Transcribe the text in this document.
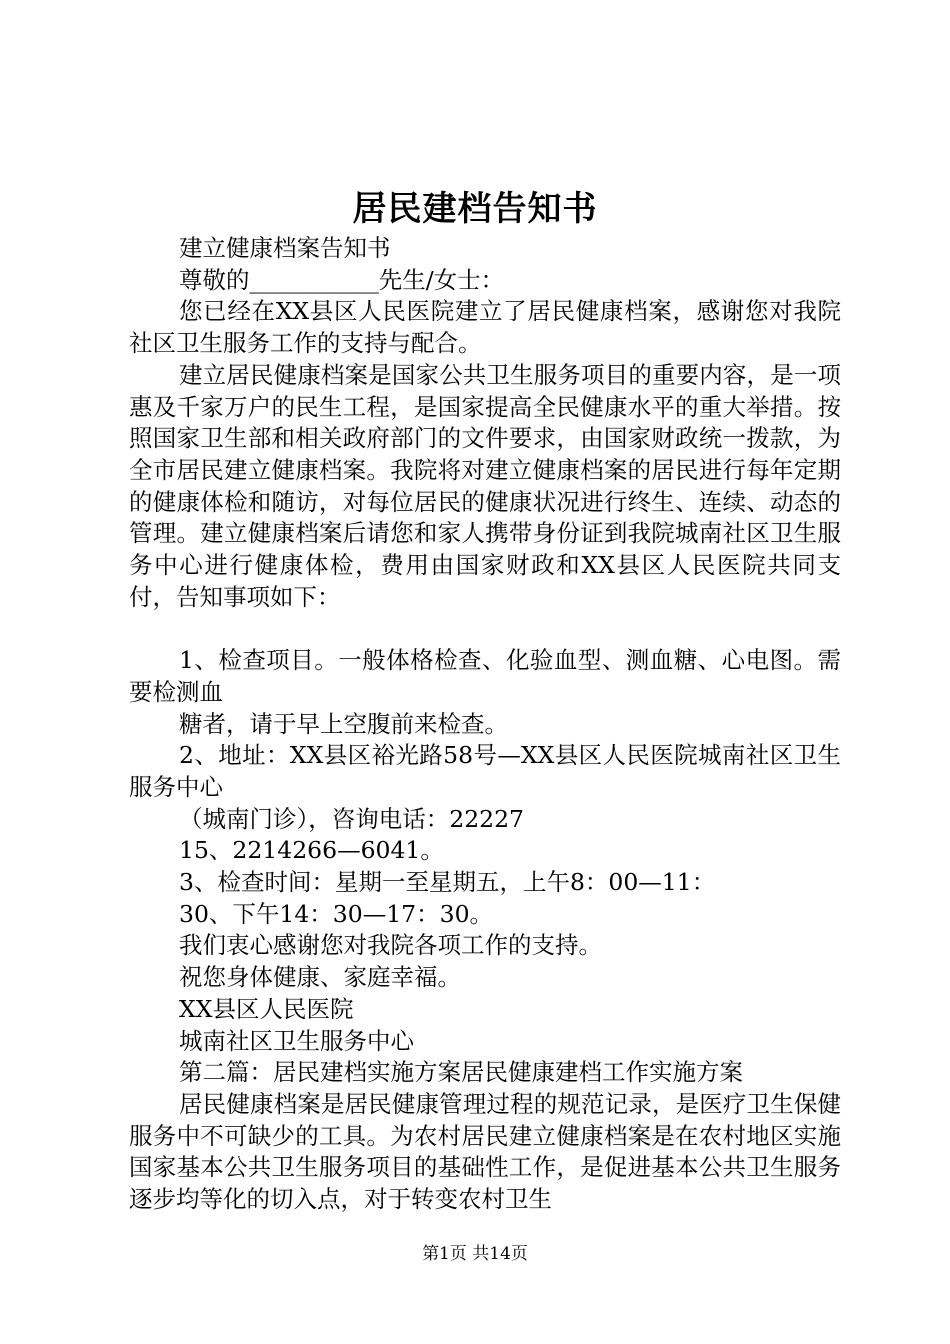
居民建档告知书

建立健康档案告知书

尊敬的___________先生/女士：

您已经在XX县区人民医院建立了居民健康档案，感谢您对我院社区卫生服务工作的支持与配合。

建立居民健康档案是国家公共卫生服务项目的重要内容，是一项惠及千家万户的民生工程，是国家提高全民健康水平的重大举措。按照国家卫生部和相关政府部门的文件要求，由国家财政统一拨款，为全市居民建立健康档案。我院将对建立健康档案的居民进行每年定期的健康体检和随访，对每位居民的健康状况进行终生、连续、动态的管理。建立健康档案后请您和家人携带身份证到我院城南社区卫生服务中心进行健康体检，费用由国家财政和XX县区人民医院共同支付，告知事项如下：

1、检查项目。一般体格检查、化验血型、测血糖、心电图。需要检测血

糖者，请于早上空腹前来检查。

2、地址：XX县区裕光路58号—XX县区人民医院城南社区卫生服务中心

（城南门诊），咨询电话：22227

15、2214266—6041。

3、检查时间：星期一至星期五，上午8：00—11：

30、下午14：30—17：30。

我们衷心感谢您对我院各项工作的支持。

祝您身体健康、家庭幸福。

XX县区人民医院

城南社区卫生服务中心

第二篇：居民建档实施方案居民健康建档工作实施方案

居民健康档案是居民健康管理过程的规范记录，是医疗卫生保健服务中不可缺少的工具。为农村居民建立健康档案是在农村地区实施国家基本公共卫生服务项目的基础性工作，是促进基本公共卫生服务逐步均等化的切入点，对于转变农村卫生

第1页 共14页
